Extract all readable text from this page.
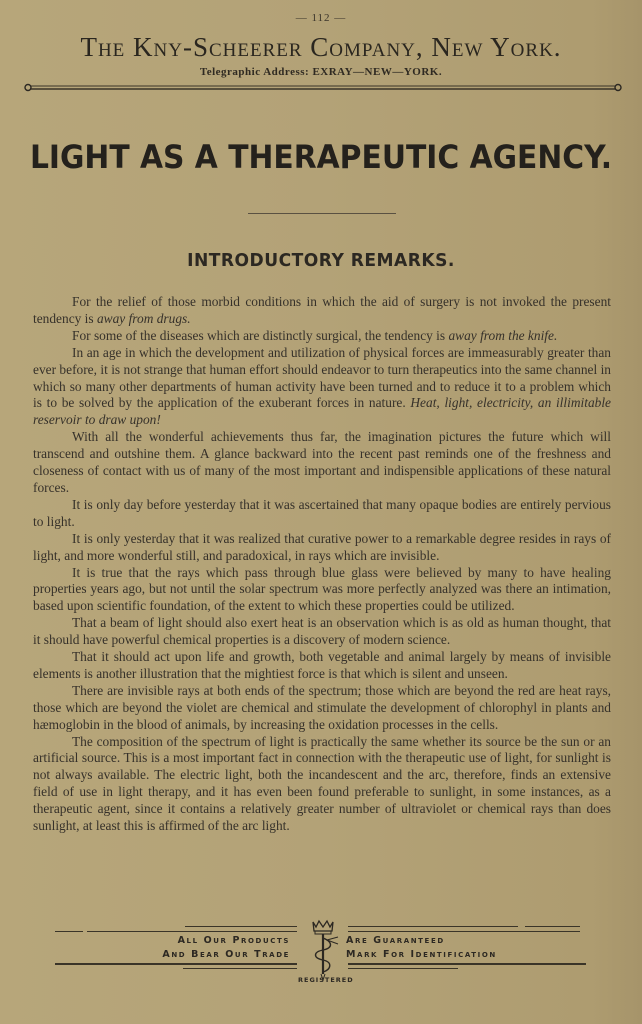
— 112 —
The Kny-Scheerer Company, New York.
Telegraphic Address: EXRAY—NEW—YORK.
LIGHT AS A THERAPEUTIC AGENCY.
INTRODUCTORY REMARKS.

For the relief of those morbid conditions in which the aid of surgery is not invoked the present tendency is away from drugs.

For some of the diseases which are distinctly surgical, the tendency is away from the knife.

In an age in which the development and utilization of physical forces are immeasurably greater than ever before, it is not strange that human effort should endeavor to turn therapeutics into the same channel in which so many other departments of human activity have been turned and to reduce it to a problem which is to be solved by the application of the exuberant forces in nature. Heat, light, electricity, an illimitable reservoir to draw upon!

With all the wonderful achievements thus far, the imagination pictures the future which will transcend and outshine them. A glance backward into the recent past reminds one of the freshness and closeness of contact with us of many of the most important and indispensible applications of these natural forces.

It is only day before yesterday that it was ascertained that many opaque bodies are entirely pervious to light.

It is only yesterday that it was realized that curative power to a remarkable degree resides in rays of light, and more wonderful still, and paradoxical, in rays which are invisible.

It is true that the rays which pass through blue glass were believed by many to have healing properties years ago, but not until the solar spectrum was more perfectly analyzed was there an intimation, based upon scientific foundation, of the extent to which these properties could be utilized.

That a beam of light should also exert heat is an observation which is as old as human thought, that it should have powerful chemical properties is a discovery of modern science.

That it should act upon life and growth, both vegetable and animal largely by means of invisible elements is another illustration that the mightiest force is that which is silent and unseen.

There are invisible rays at both ends of the spectrum; those which are beyond the red are heat rays, those which are beyond the violet are chemical and stimulate the development of chlorophyl in plants and hæmoglobin in the blood of animals, by increasing the oxidation processes in the cells.

The composition of the spectrum of light is practically the same whether its source be the sun or an artificial source. This is a most important fact in connection with the therapeutic use of light, for sunlight is not always available. The electric light, both the incandescent and the arc, therefore, finds an extensive field of use in light therapy, and it has even been found preferable to sunlight, in some instances, as a therapeutic agent, since it contains a relatively greater number of ultraviolet or chemical rays than does sunlight, at least this is affirmed of the arc light.

All Our Products
And Bear Our Trade
Are Guaranteed
Mark For Identification
REGISTERED
